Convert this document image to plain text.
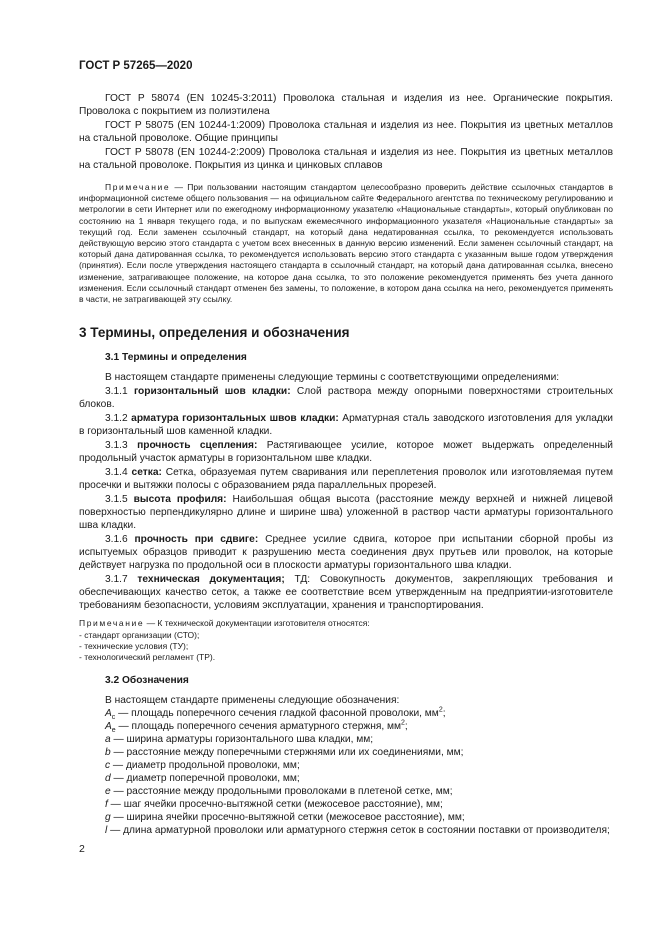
ГОСТ Р 57265—2020

ГОСТ Р 58074 (EN 10245-3:2011) Проволока стальная и изделия из нее. Органические покрытия. Проволока с покрытием из полиэтилена

ГОСТ Р 58075 (EN 10244-1:2009) Проволока стальная и изделия из нее. Покрытия из цветных металлов на стальной проволоке. Общие принципы

ГОСТ Р 58078 (EN 10244-2:2009) Проволока стальная и изделия из нее. Покрытия из цветных металлов на стальной проволоке. Покрытия из цинка и цинковых сплавов

Примечание — При пользовании настоящим стандартом целесообразно проверить действие ссылочных стандартов в информационной системе общего пользования — на официальном сайте Федерального агентства по техническому регулированию и метрологии в сети Интернет или по ежегодному информационному указателю «Национальные стандарты», который опубликован по состоянию на 1 января текущего года, и по выпускам ежемесячного информационного указателя «Национальные стандарты» за текущий год. Если заменен ссылочный стандарт, на который дана недатированная ссылка, то рекомендуется использовать действующую версию этого стандарта с учетом всех внесенных в данную версию изменений. Если заменен ссылочный стандарт, на который дана датированная ссылка, то рекомендуется использовать версию этого стандарта с указанным выше годом утверждения (принятия). Если после утверждения настоящего стандарта в ссылочный стандарт, на который дана датированная ссылка, внесено изменение, затрагивающее положение, на которое дана ссылка, то это положение рекомендуется применять без учета данного изменения. Если ссылочный стандарт отменен без замены, то положение, в котором дана ссылка на него, рекомендуется применять в части, не затрагивающей эту ссылку.
3 Термины, определения и обозначения
3.1 Термины и определения

В настоящем стандарте применены следующие термины с соответствующими определениями:

3.1.1 горизонтальный шов кладки: Слой раствора между опорными поверхностями строительных блоков.

3.1.2 арматура горизонтальных швов кладки: Арматурная сталь заводского изготовления для укладки в горизонтальный шов каменной кладки.

3.1.3 прочность сцепления: Растягивающее усилие, которое может выдержать определенный продольный участок арматуры в горизонтальном шве кладки.

3.1.4 сетка: Сетка, образуемая путем сваривания или переплетения проволок или изготовляемая путем просечки и вытяжки полосы с образованием ряда параллельных прорезей.

3.1.5 высота профиля: Наибольшая общая высота (расстояние между верхней и нижней лицевой поверхностью перпендикулярно длине и ширине шва) уложенной в раствор части арматуры горизонтального шва кладки.

3.1.6 прочность при сдвиге: Среднее усилие сдвига, которое при испытании сборной пробы из испытуемых образцов приводит к разрушению места соединения двух прутьев или проволок, на которые действует нагрузка по продольной оси в плоскости арматуры горизонтального шва кладки.

3.1.7 техническая документация; ТД: Совокупность документов, закрепляющих требования и обеспечивающих качество сеток, а также ее соответствие всем утвержденным на предприятии-изготовителе требованиям безопасности, условиям эксплуатации, хранения и транспортирования.

Примечание — К технической документации изготовителя относятся:
- стандарт организации (СТО);
- технические условия (ТУ);
- технологический регламент (ТР).
3.2 Обозначения

В настоящем стандарте применены следующие обозначения:

$A_c$ — площадь поперечного сечения гладкой фасонной проволоки, $мм^2$;

$A_e$ — площадь поперечного сечения арматурного стержня, $мм^2$;

a — ширина арматуры горизонтального шва кладки, мм;

b — расстояние между поперечными стержнями или их соединениями, мм;

c — диаметр продольной проволоки, мм;

d — диаметр поперечной проволоки, мм;

e — расстояние между продольными проволоками в плетеной сетке, мм;

f — шаг ячейки просечно-вытяжной сетки (межосевое расстояние), мм;

g — ширина ячейки просечно-вытяжной сетки (межосевое расстояние), мм;

l — длина арматурной проволоки или арматурного стержня сеток в состоянии поставки от производителя;

2
